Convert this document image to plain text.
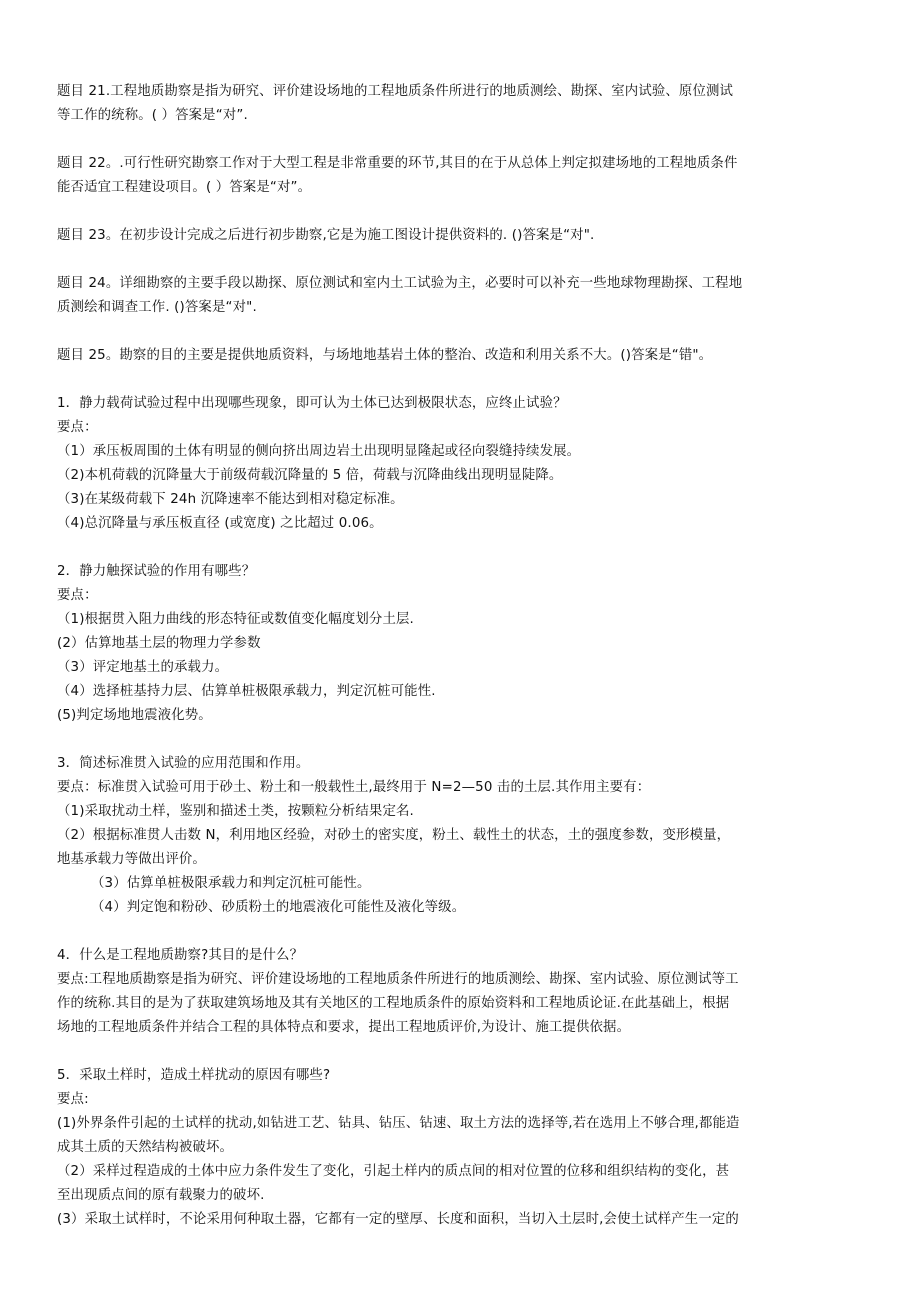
题目 21.工程地质勘察是指为研究、评价建设场地的工程地质条件所进行的地质测绘、勘探、室内试验、原位测试
等工作的统称。( ）答案是“对”.
题目 22。.可行性研究勘察工作对于大型工程是非常重要的环节,其目的在于从总体上判定拟建场地的工程地质条件
能否适宜工程建设项目。( ）答案是“对”。
题目 23。在初步设计完成之后进行初步勘察,它是为施工图设计提供资料的. ()答案是“对".
题目 24。详细勘察的主要手段以勘探、原位测试和室内土工试验为主，必要时可以补充一些地球物理勘探、工程地
质测绘和调查工作. ()答案是“对".
题目 25。勘察的目的主要是提供地质资料，与场地地基岩土体的整治、改造和利用关系不大。()答案是“错"。
1．静力载荷试验过程中出现哪些现象，即可认为土体已达到极限状态，应终止试验？
要点：
（1）承压板周围的土体有明显的侧向挤出周边岩土出现明显隆起或径向裂缝持续发展。
（2)本机荷载的沉降量大于前级荷载沉降量的 5 倍，荷载与沉降曲线出现明显陡降。
（3)在某级荷载下 24h 沉降速率不能达到相对稳定标准。
（4)总沉降量与承压板直径 (或宽度) 之比超过 0.06。
2．静力触探试验的作用有哪些？
要点：
（1)根据贯入阻力曲线的形态特征或数值变化幅度划分土层.
(2）估算地基土层的物理力学参数
（3）评定地基土的承载力。
（4）选择桩基持力层、估算单桩极限承载力，判定沉桩可能性.
(5)判定场地地震液化势。
3．简述标准贯入试验的应用范围和作用。
要点：标准贯入试验可用于砂土、粉土和一般载性土,最终用于 N=2—50 击的土层.其作用主要有：
（1)采取扰动土样，鉴别和描述土类，按颗粒分析结果定名.
（2）根据标准贯人击数 N，利用地区经验，对砂土的密实度，粉土、载性土的状态，土的强度参数，变形模量，
地基承载力等做出评价。
（3）估算单桩极限承载力和判定沉桩可能性。
（4）判定饱和粉砂、砂质粉土的地震液化可能性及液化等级。
4．什么是工程地质勘察?其目的是什么？
要点:工程地质勘察是指为研究、评价建设场地的工程地质条件所进行的地质测绘、勘探、室内试验、原位测试等工
作的统称.其目的是为了获取建筑场地及其有关地区的工程地质条件的原始资料和工程地质论证.在此基础上，根据
场地的工程地质条件并结合工程的具体特点和要求，提出工程地质评价,为设计、施工提供依据。
5．采取土样时，造成土样扰动的原因有哪些?
要点:
(1)外界条件引起的土试样的扰动,如钻进工艺、钻具、钻压、钻速、取土方法的选择等,若在选用上不够合理,都能造
成其土质的天然结构被破坏。
（2）采样过程造成的土体中应力条件发生了变化，引起土样内的质点间的相对位置的位移和组织结构的变化，甚
至出现质点间的原有载聚力的破坏.
(3）采取土试样时，不论采用何种取土器，它都有一定的壁厚、长度和面积，当切入土层时,会使土试样产生一定的
